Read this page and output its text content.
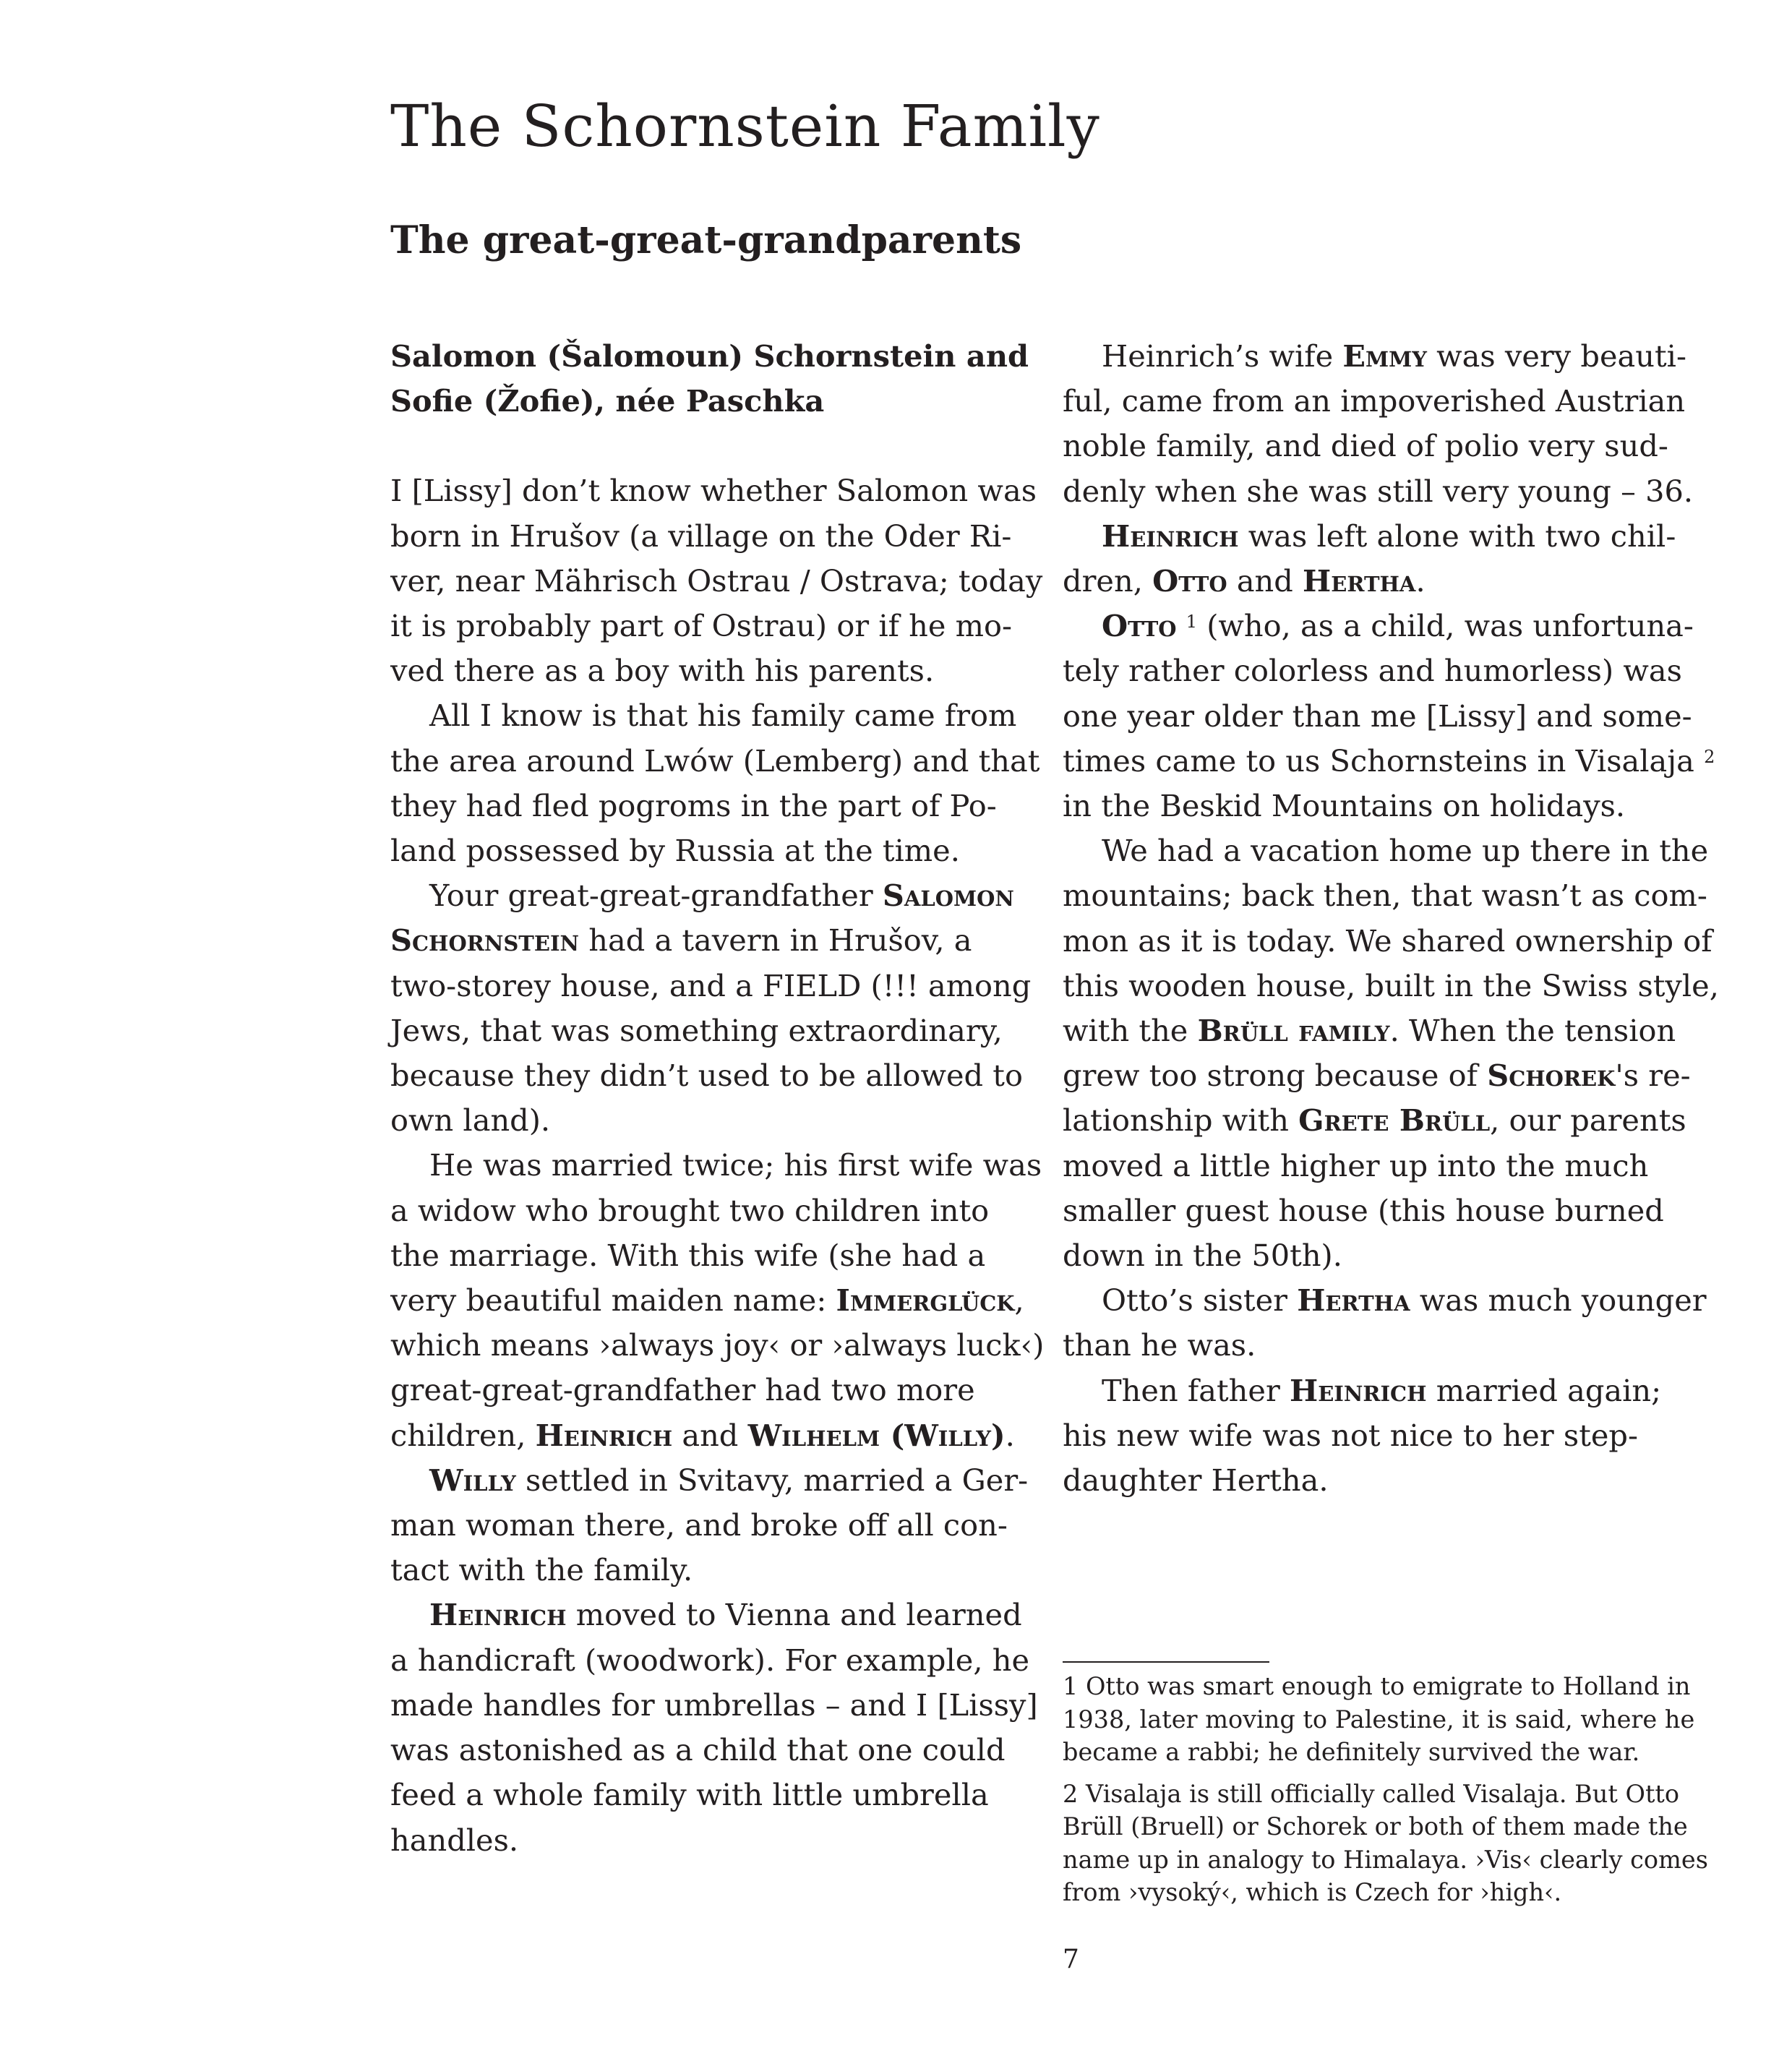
The Schornstein Family
The great-great-grandparents

Salomon (Šalomoun) Schornstein and

Sofie (Žofie), née Paschka

I [Lissy] don’t know whether Salomon was

born in Hrušov (a village on the Oder Ri-

ver, near Mährisch Ostrau / Ostrava; today

it is probably part of Ostrau) or if he mo-

ved there as a boy with his parents.

All I know is that his family came from

the area around Lwów (Lemberg) and that

they had fled pogroms in the part of Po-

land possessed by Russia at the time.

Your great-great-grandfather Salomon

Schornstein had a tavern in Hrušov, a

two-storey house, and a FIELD (!!! among

Jews, that was something extraordinary,

because they didn’t used to be allowed to

own land).

He was married twice; his first wife was

a widow who brought two children into

the marriage. With this wife (she had a

very beautiful maiden name: Immerglück,

which means ›always joy‹ or ›always luck‹)

great-great-grandfather had two more

children, Heinrich and Wilhelm (Willy).

Willy settled in Svitavy, married a Ger-

man woman there, and broke off all con-

tact with the family.

Heinrich moved to Vienna and learned

a handicraft (woodwork). For example, he

made handles for umbrellas – and I [Lissy]

was astonished as a child that one could

feed a whole family with little umbrella

handles.

Heinrich’s wife Emmy was very beauti-

ful, came from an impoverished Austrian

noble family, and died of polio very sud-

denly when she was still very young – 36.

Heinrich was left alone with two chil-

dren, Otto and Hertha.

Otto $^1$ (who, as a child, was unfortuna-

tely rather colorless and humorless) was

one year older than me [Lissy] and some-

times came to us Schornsteins in Visalaja $^2$

in the Beskid Mountains on holidays.

We had a vacation home up there in the

mountains; back then, that wasn’t as com-

mon as it is today. We shared ownership of

this wooden house, built in the Swiss style,

with the Brüll family. When the tension

grew too strong because of Schorek's re-

lationship with Grete Brüll, our parents

moved a little higher up into the much

smaller guest house (this house burned

down in the 50th).

Otto’s sister Hertha was much younger

than he was.

Then father Heinrich married again;

his new wife was not nice to her step-

daughter Hertha.

1 Otto was smart enough to emigrate to Holland in

1938, later moving to Palestine, it is said, where he

became a rabbi; he definitely survived the war.

2 Visalaja is still officially called Visalaja. But Otto

Brüll (Bruell) or Schorek or both of them made the

name up in analogy to Himalaya. ›Vis‹ clearly comes

from ›vysoký‹, which is Czech for ›high‹.

7
